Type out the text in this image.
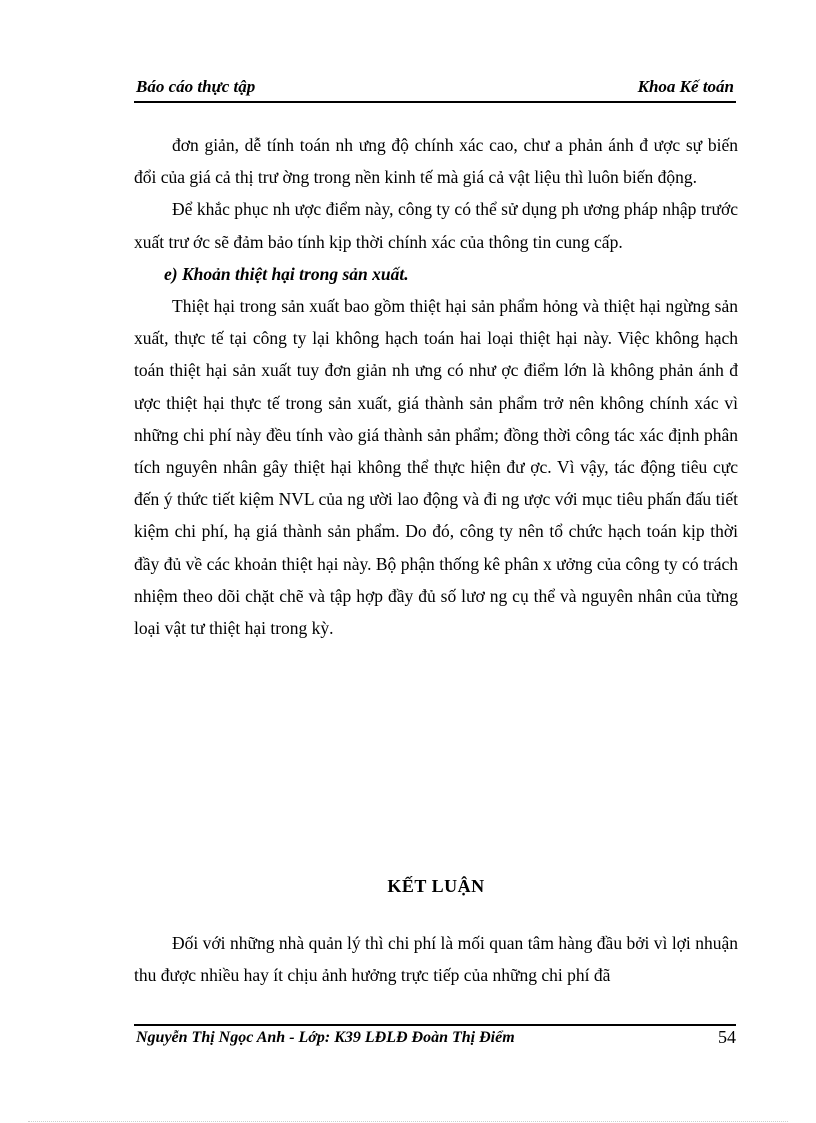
Báo cáo thực tập	Khoa Kế toán

đơn giản, dễ tính toán nh ưng độ chính xác cao, chư a phản ánh đ ược sự biến đổi của giá cả thị trư ờng trong nền kinh tế mà giá cả vật liệu thì luôn biến động.

Để khắc phục nh ược điểm này, công ty có thể sử dụng ph ương pháp nhập trước xuất trư ớc sẽ đảm bảo tính kịp thời chính xác của thông tin cung cấp.

e) Khoản thiệt hại trong sản xuất.

Thiệt hại trong sản xuất bao gồm thiệt hại sản phẩm hỏng và thiệt hại ngừng sản xuất, thực tế tại công ty lại không hạch toán hai loại thiệt hại này. Việc không hạch toán thiệt hại sản xuất tuy đơn giản nh ưng có như ợc điểm lớn là không phản ánh đ ược thiệt hại thực tế trong sản xuất, giá thành sản phẩm trở nên không chính xác vì những chi phí này đều tính vào giá thành sản phẩm; đồng thời công tác xác định phân tích nguyên nhân gây thiệt hại không thể thực hiện đư ợc. Vì vậy, tác động tiêu cực đến ý thức tiết kiệm NVL của ng ười lao động và đi ng ược với mục tiêu phấn đấu tiết kiệm chi phí, hạ giá thành sản phẩm. Do đó, công ty nên tổ chức hạch toán kịp thời đầy đủ về các khoản thiệt hại này. Bộ phận thống kê phân x ưởng của công ty có trách nhiệm theo dõi chặt chẽ và tập hợp đầy đủ số lươ ng cụ thể và nguyên nhân của từng loại vật tư thiệt hại trong kỳ.

KẾT LUẬN

Đối với những nhà quản lý thì chi phí là mối quan tâm hàng đầu bởi vì lợi nhuận thu được nhiều hay ít chịu ảnh hưởng trực tiếp của những chi phí đã

Nguyễn Thị Ngọc Anh - Lớp: K39 LĐLĐ Đoàn Thị Điểm	54
